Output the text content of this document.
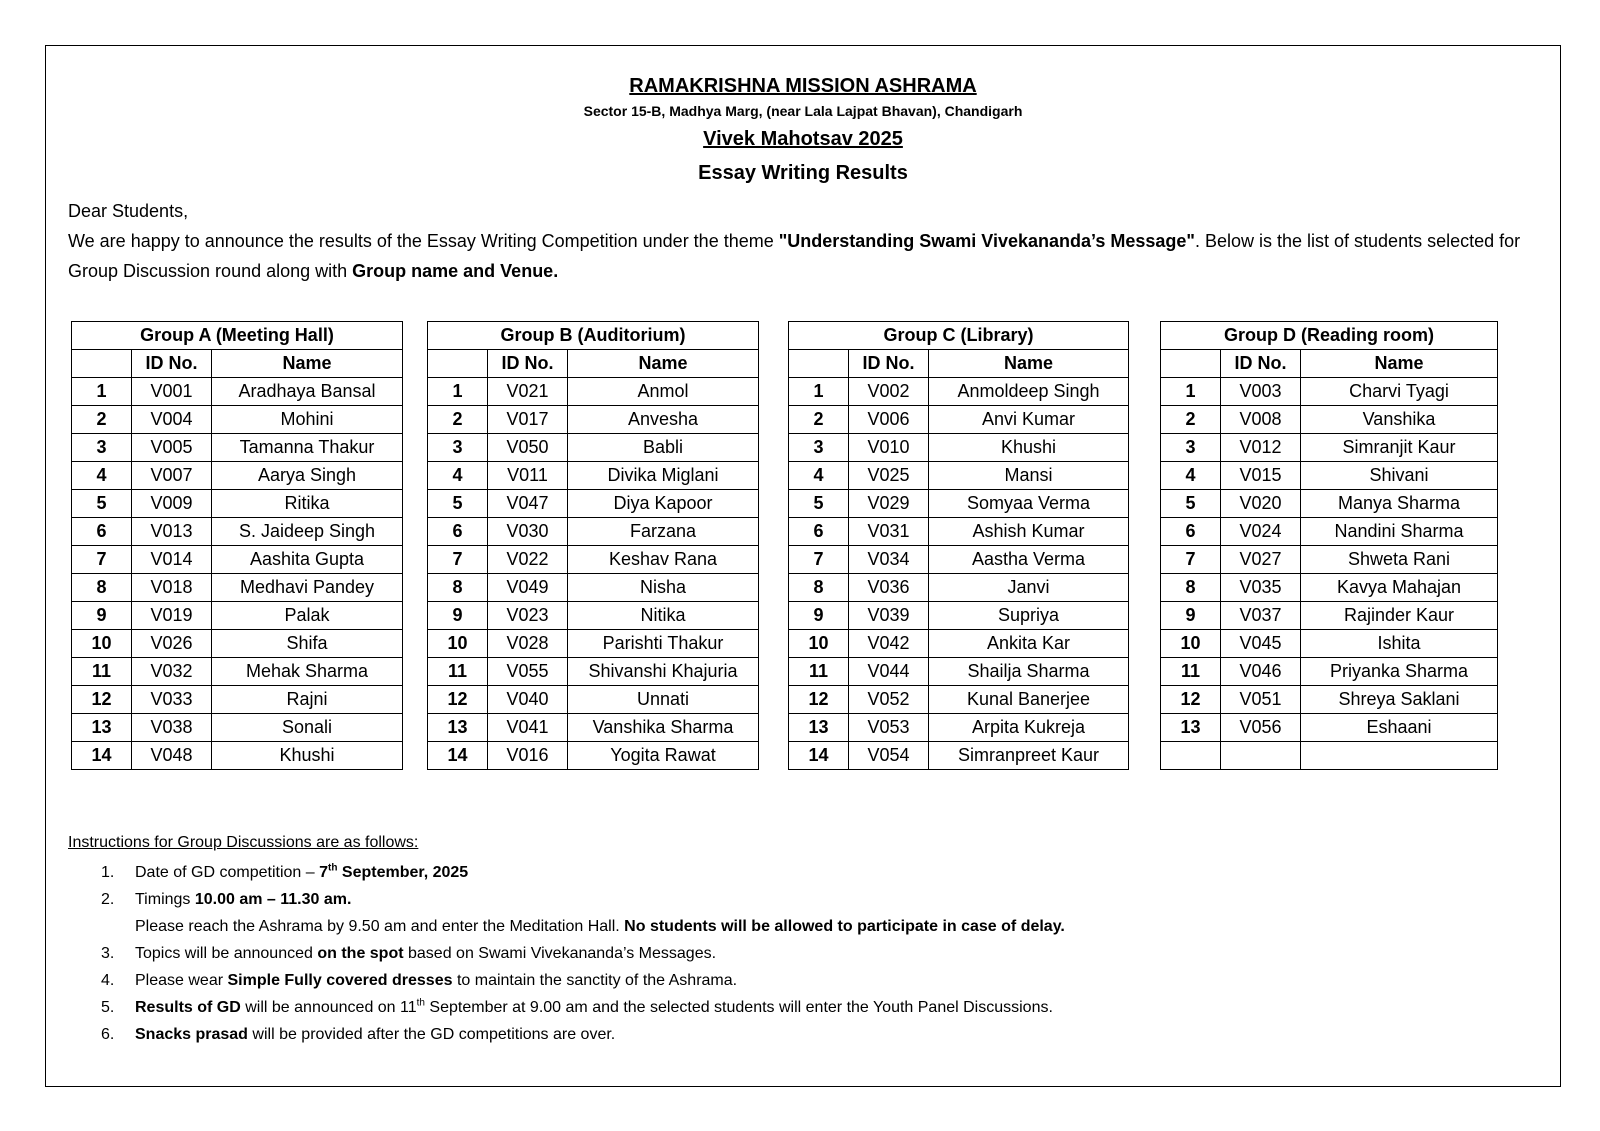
RAMAKRISHNA MISSION ASHRAMA

Sector 15-B, Madhya Marg, (near Lala Lajpat Bhavan), Chandigarh

Vivek Mahotsav 2025

Essay Writing Results

Dear Students,

We are happy to announce the results of the Essay Writing Competition under the theme "Understanding Swami Vivekananda’s Message". Below is the list of students selected for Group Discussion round along with Group name and Venue.

Group A (Meeting Hall)		
	ID No.	Name
1	V001	Aradhaya Bansal
2	V004	Mohini
3	V005	Tamanna Thakur
4	V007	Aarya Singh
5	V009	Ritika
6	V013	S. Jaideep Singh
7	V014	Aashita Gupta
8	V018	Medhavi Pandey
9	V019	Palak
10	V026	Shifa
11	V032	Mehak Sharma
12	V033	Rajni
13	V038	Sonali
14	V048	Khushi
Group B (Auditorium)		
	ID No.	Name
1	V021	Anmol
2	V017	Anvesha
3	V050	Babli
4	V011	Divika Miglani
5	V047	Diya Kapoor
6	V030	Farzana
7	V022	Keshav Rana
8	V049	Nisha
9	V023	Nitika
10	V028	Parishti Thakur
11	V055	Shivanshi Khajuria
12	V040	Unnati
13	V041	Vanshika Sharma
14	V016	Yogita Rawat
Group C (Library)		
	ID No.	Name
1	V002	Anmoldeep Singh
2	V006	Anvi Kumar
3	V010	Khushi
4	V025	Mansi
5	V029	Somyaa Verma
6	V031	Ashish Kumar
7	V034	Aastha Verma
8	V036	Janvi
9	V039	Supriya
10	V042	Ankita Kar
11	V044	Shailja Sharma
12	V052	Kunal Banerjee
13	V053	Arpita Kukreja
14	V054	Simranpreet Kaur
Group D (Reading room)		
	ID No.	Name
1	V003	Charvi Tyagi
2	V008	Vanshika
3	V012	Simranjit Kaur
4	V015	Shivani
5	V020	Manya Sharma
6	V024	Nandini Sharma
7	V027	Shweta Rani
8	V035	Kavya Mahajan
9	V037	Rajinder Kaur
10	V045	Ishita
11	V046	Priyanka Sharma
12	V051	Shreya Saklani
13	V056	Eshaani

Instructions for Group Discussions are as follows:

1.	Date of GD competition – 7th September, 2025
2.	Timings 10.00 am – 11.30 am.
Please reach the Ashrama by 9.50 am and enter the Meditation Hall. No students will be allowed to participate in case of delay.
3.	Topics will be announced on the spot based on Swami Vivekananda’s Messages.
4.	Please wear Simple Fully covered dresses to maintain the sanctity of the Ashrama.
5.	Results of GD will be announced on 11th September at 9.00 am and the selected students will enter the Youth Panel Discussions.
6.	Snacks prasad will be provided after the GD competitions are over.
